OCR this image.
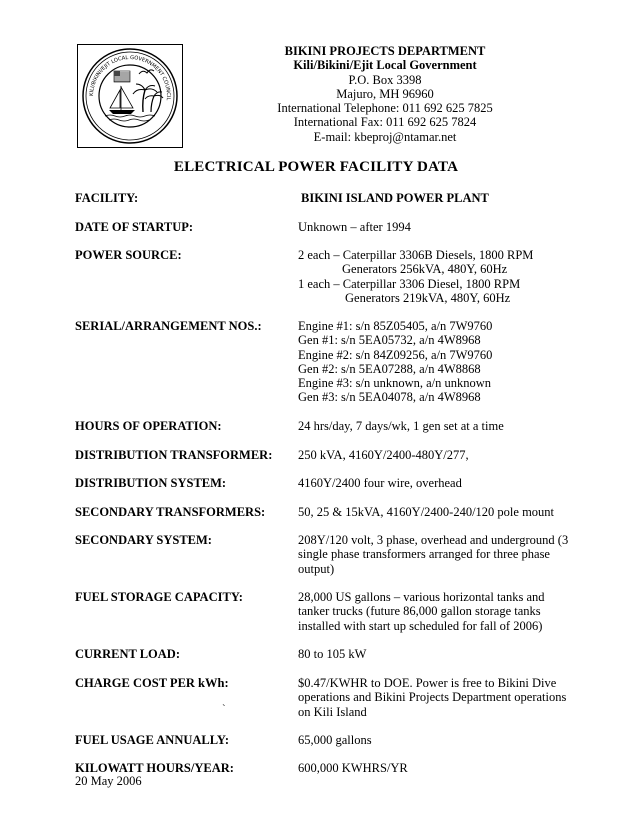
KILI/BIKINI/EJIT LOCAL GOVERNMENT COUNCIL
BIKINI PROJECTS DEPARTMENT
Kili/Bikini/Ejit Local Government
P.O. Box 3398
Majuro, MH 96960
International Telephone: 011 692 625 7825
International Fax: 011 692 625 7824
E-mail: kbeproj@ntamar.net
ELECTRICAL POWER FACILITY DATA
FACILITY:	BIKINI ISLAND POWER PLANT
DATE OF STARTUP:	Unknown – after 1994
POWER SOURCE:	2 each – Caterpillar 3306B Diesels, 1800 RPM
Generators 256kVA, 480Y, 60Hz
1 each – Caterpillar 3306 Diesel, 1800 RPM
Generators 219kVA, 480Y, 60Hz
SERIAL/ARRANGEMENT NOS.:	Engine #1: s/n 85Z05405, a/n 7W9760
Gen #1: s/n 5EA05732, a/n 4W8968
Engine #2: s/n 84Z09256, a/n 7W9760
Gen #2: s/n 5EA07288, a/n 4W8868
Engine #3: s/n unknown, a/n unknown
Gen #3: s/n 5EA04078, a/n 4W8968
HOURS OF OPERATION:	24 hrs/day, 7 days/wk, 1 gen set at a time
DISTRIBUTION TRANSFORMER: 250 kVA, 4160Y/2400-480Y/277,
DISTRIBUTION SYSTEM:	4160Y/2400 four wire, overhead
SECONDARY TRANSFORMERS:	50, 25 & 15kVA, 4160Y/2400-240/120 pole mount
SECONDARY SYSTEM:	208Y/120 volt, 3 phase, overhead and underground (3 single phase transformers arranged for three phase output)
FUEL STORAGE CAPACITY:	28,000 US gallons – various horizontal tanks and tanker trucks (future 86,000 gallon storage tanks installed with start up scheduled for fall of 2006)
CURRENT LOAD:	80 to 105 kW
CHARGE COST PER kWh:	$0.47/KWHR to DOE. Power is free to Bikini Dive operations and Bikini Projects Department operations on Kili Island
`
FUEL USAGE ANNUALLY:	65,000 gallons
KILOWATT HOURS/YEAR:	600,000 KWHRS/YR
20 May 2006
